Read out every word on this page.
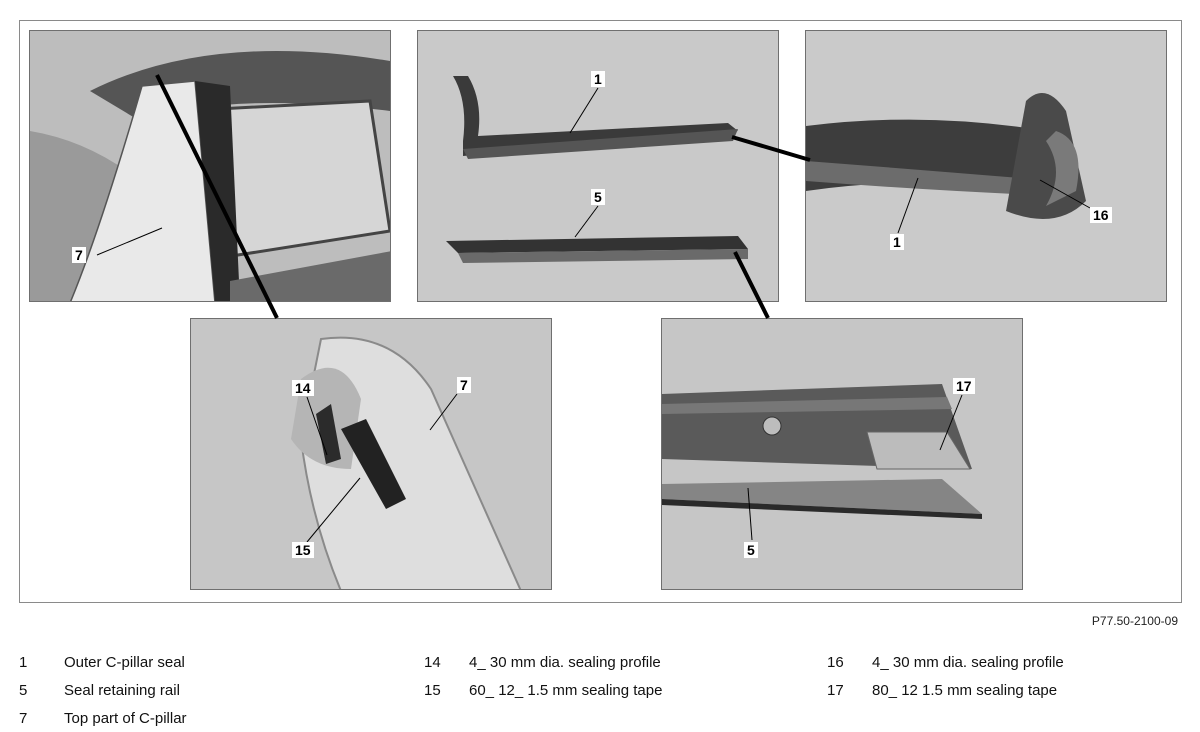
7
1
5
1
16
14	7
15
17
5
P77.50-2100-09
1	Outer C-pillar seal
5	Seal retaining rail
7	Top part of C-pillar
14	4_ 30 mm dia. sealing profile
15	60_ 12_ 1.5 mm sealing tape
16	4_ 30 mm dia. sealing profile
17	80_ 12 1.5 mm sealing tape
